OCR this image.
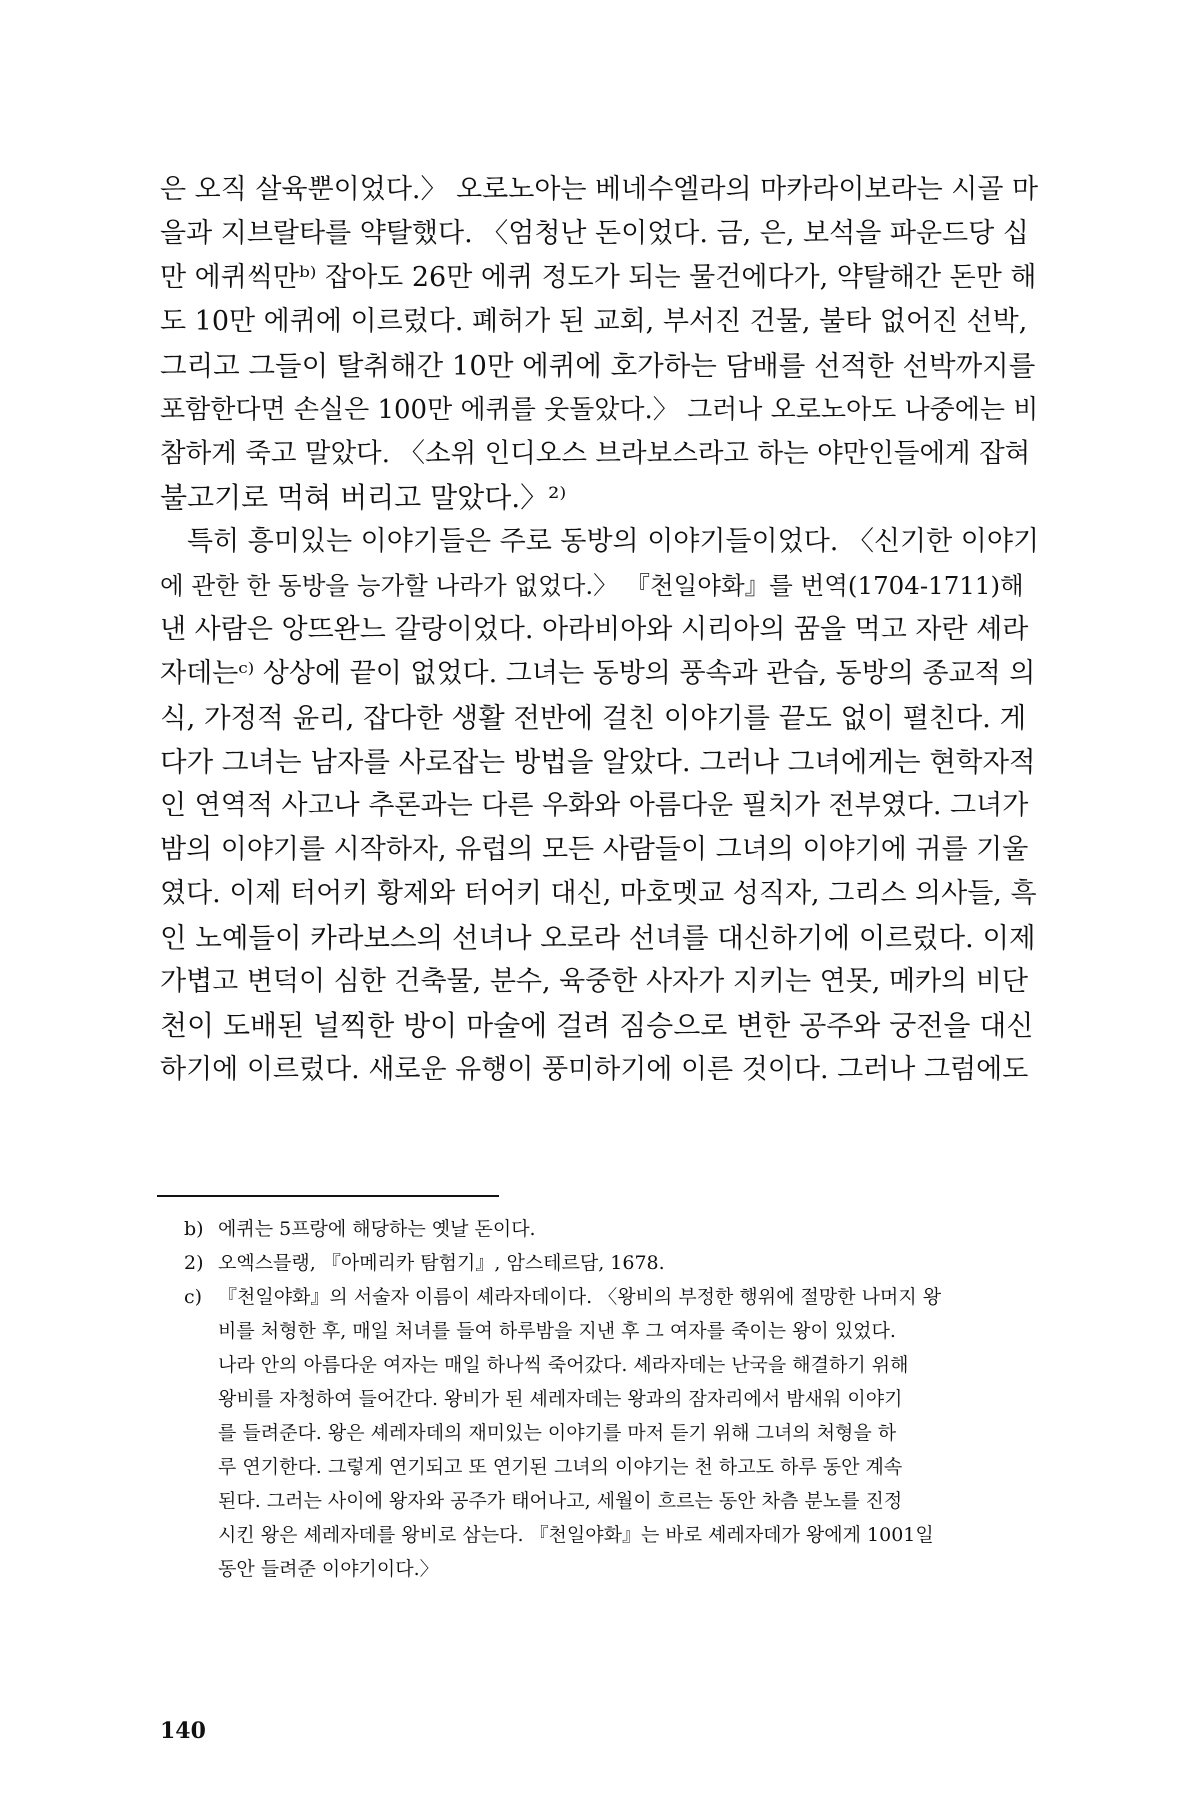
은 오직 살육뿐이었다.〉 오로노아는 베네수엘라의 마카라이보라는 시골 마
을과 지브랄타를 약탈했다. 〈엄청난 돈이었다. 금, 은, 보석을 파운드당 십
만 에퀴씩만ᵇ⁾ 잡아도 26만 에퀴 정도가 되는 물건에다가, 약탈해간 돈만 해
도 10만 에퀴에 이르렀다. 폐허가 된 교회, 부서진 건물, 불타 없어진 선박,
그리고 그들이 탈취해간 10만 에퀴에 호가하는 담배를 선적한 선박까지를
포함한다면 손실은 100만 에퀴를 웃돌았다.〉 그러나 오로노아도 나중에는 비
참하게 죽고 말았다. 〈소위 인디오스 브라보스라고 하는 야만인들에게 잡혀
불고기로 먹혀 버리고 말았다.〉²⁾
　특히 흥미있는 이야기들은 주로 동방의 이야기들이었다. 〈신기한 이야기
에 관한 한 동방을 능가할 나라가 없었다.〉 『천일야화』를 번역(1704-1711)해
낸 사람은 앙뜨완느 갈랑이었다. 아라비아와 시리아의 꿈을 먹고 자란 셰라
자데는ᶜ⁾ 상상에 끝이 없었다. 그녀는 동방의 풍속과 관습, 동방의 종교적 의
식, 가정적 윤리, 잡다한 생활 전반에 걸친 이야기를 끝도 없이 펼친다. 게
다가 그녀는 남자를 사로잡는 방법을 알았다. 그러나 그녀에게는 현학자적
인 연역적 사고나 추론과는 다른 우화와 아름다운 필치가 전부였다. 그녀가
밤의 이야기를 시작하자, 유럽의 모든 사람들이 그녀의 이야기에 귀를 기울
였다. 이제 터어키 황제와 터어키 대신, 마호멧교 성직자, 그리스 의사들, 흑
인 노예들이 카라보스의 선녀나 오로라 선녀를 대신하기에 이르렀다. 이제
가볍고 변덕이 심한 건축물, 분수, 육중한 사자가 지키는 연못, 메카의 비단
천이 도배된 널찍한 방이 마술에 걸려 짐승으로 변한 공주와 궁전을 대신
하기에 이르렀다. 새로운 유행이 풍미하기에 이른 것이다. 그러나 그럼에도
b) 에퀴는 5프랑에 해당하는 옛날 돈이다.
2) 오엑스믈랭, 『아메리카 탐험기』, 암스테르담, 1678.
c) 『천일야화』의 서술자 이름이 셰라자데이다. 〈왕비의 부정한 행위에 절망한 나머지 왕
비를 처형한 후, 매일 처녀를 들여 하루밤을 지낸 후 그 여자를 죽이는 왕이 있었다.
나라 안의 아름다운 여자는 매일 하나씩 죽어갔다. 셰라자데는 난국을 해결하기 위해
왕비를 자청하여 들어간다. 왕비가 된 셰레자데는 왕과의 잠자리에서 밤새워 이야기
를 들려준다. 왕은 셰레자데의 재미있는 이야기를 마저 듣기 위해 그녀의 처형을 하
루 연기한다. 그렇게 연기되고 또 연기된 그녀의 이야기는 천 하고도 하루 동안 계속
된다. 그러는 사이에 왕자와 공주가 태어나고, 세월이 흐르는 동안 차츰 분노를 진정
시킨 왕은 셰레자데를 왕비로 삼는다. 『천일야화』는 바로 셰레자데가 왕에게 1001일
동안 들려준 이야기이다.〉
140
